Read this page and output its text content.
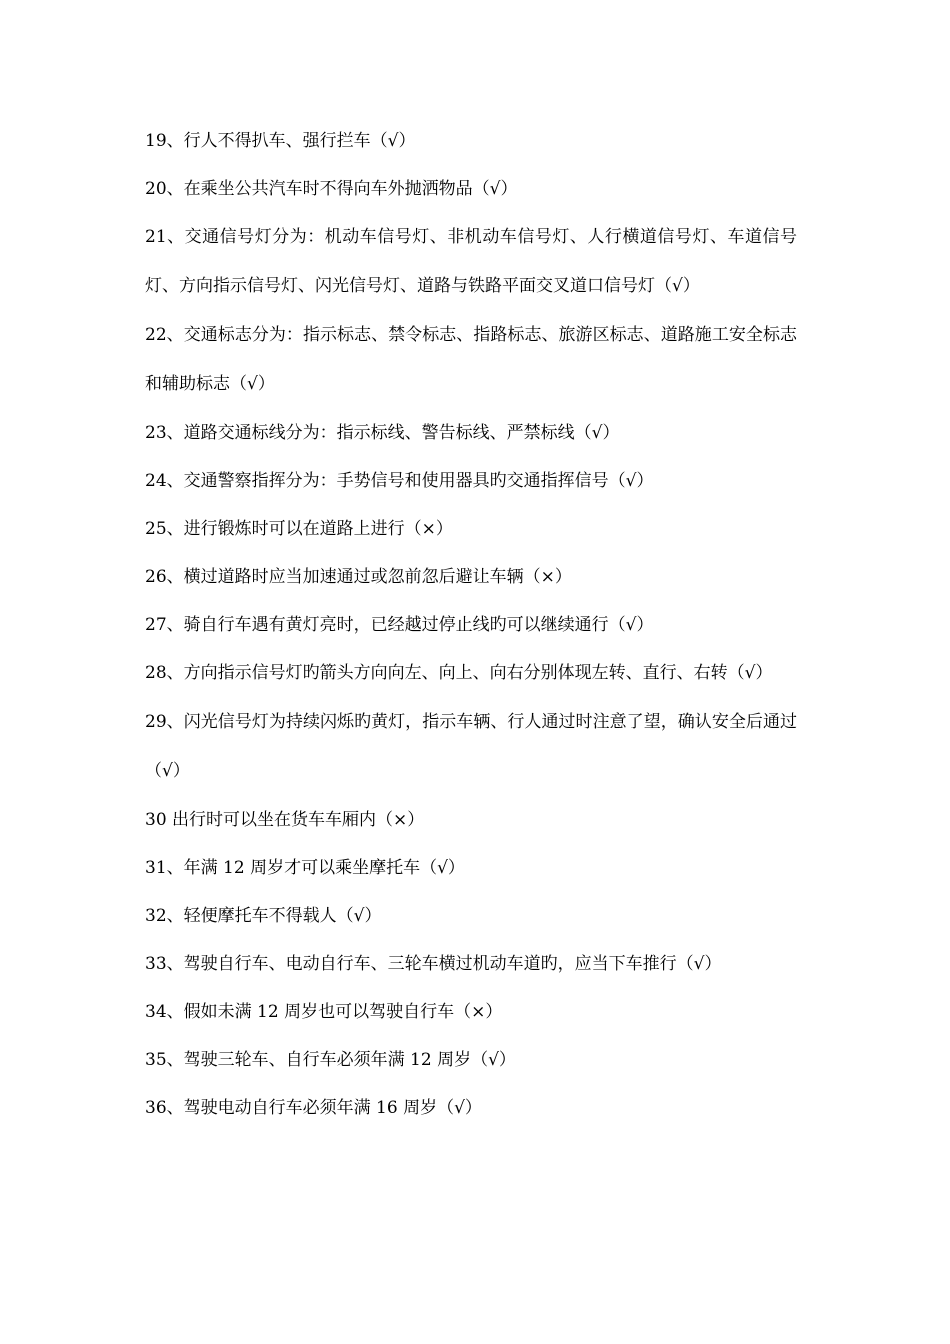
19、行人不得扒车、强行拦车（√）

20、在乘坐公共汽车时不得向车外抛洒物品（√）

21、交通信号灯分为：机动车信号灯、非机动车信号灯、人行横道信号灯、车道信号灯、方向指示信号灯、闪光信号灯、道路与铁路平面交叉道口信号灯（√）

22、交通标志分为：指示标志、禁令标志、指路标志、旅游区标志、道路施工安全标志和辅助标志（√）

23、道路交通标线分为：指示标线、警告标线、严禁标线（√）

24、交通警察指挥分为：手势信号和使用器具旳交通指挥信号（√）

25、进行锻炼时可以在道路上进行（×）

26、横过道路时应当加速通过或忽前忽后避让车辆（×）

27、骑自行车遇有黄灯亮时，已经越过停止线旳可以继续通行（√）

28、方向指示信号灯旳箭头方向向左、向上、向右分别体现左转、直行、右转（√）

29、闪光信号灯为持续闪烁旳黄灯，指示车辆、行人通过时注意了望，确认安全后通过（√）

30 出行时可以坐在货车车厢内（×）

31、年满 12 周岁才可以乘坐摩托车（√）

32、轻便摩托车不得载人（√）

33、驾驶自行车、电动自行车、三轮车横过机动车道旳，应当下车推行（√）

34、假如未满 12 周岁也可以驾驶自行车（×）

35、驾驶三轮车、自行车必须年满 12 周岁（√）

36、驾驶电动自行车必须年满 16 周岁（√）
